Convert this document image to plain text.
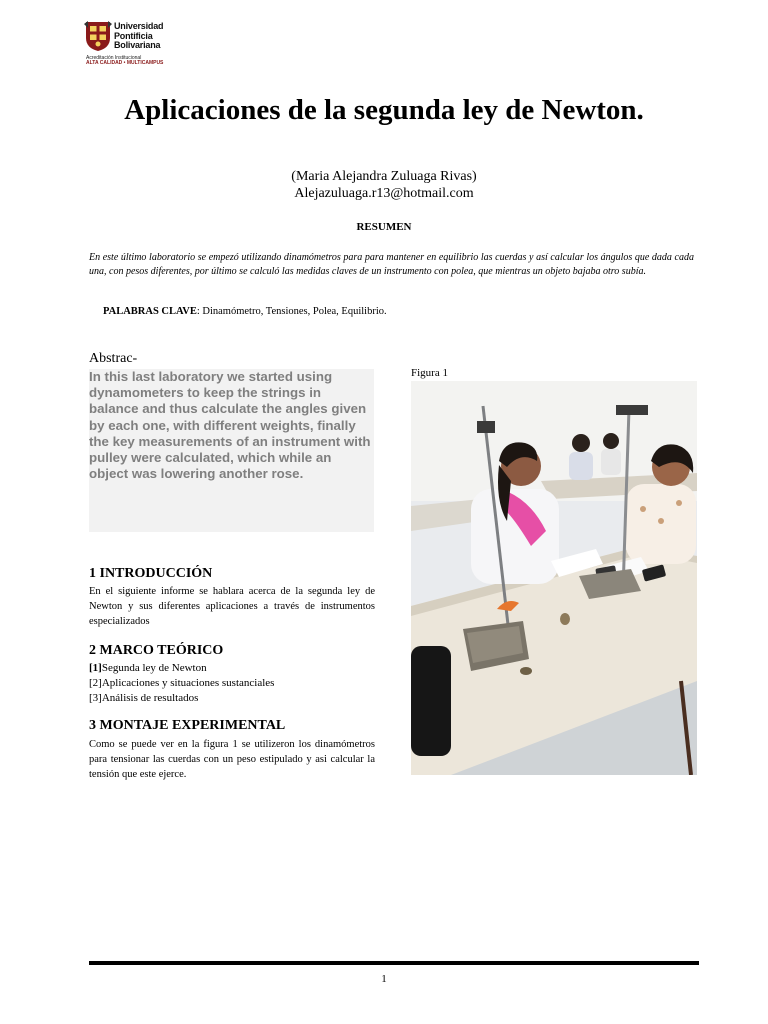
Universidad
Pontificia
Bolivariana
Acreditación Institucional
ALTA CALIDAD • MULTICAMPUS
Aplicaciones de la segunda ley de Newton.
(Maria Alejandra Zuluaga Rivas)
Alejazuluaga.r13@hotmail.com
RESUMEN
En este último laboratorio se empezó utilizando dinamómetros para para mantener en equilibrio las cuerdas y así calcular los ángulos que dada cada una, con pesos diferentes, por último se calculó las medidas claves de un instrumento con polea, que mientras un objeto bajaba otro subía.
PALABRAS CLAVE: Dinamómetro, Tensiones, Polea, Equilibrio.
Abstrac-
In this last laboratory we started using dynamometers to keep the strings in balance and thus calculate the angles given by each one, with different weights, finally the key measurements of an instrument with pulley were calculated, which while an object was lowering another rose.
1 INTRODUCCIÓN
En el siguiente informe se hablara acerca de la segunda ley de Newton y sus diferentes aplicaciones a través de instrumentos especializados
2 MARCO TEÓRICO
[1]Segunda ley de Newton
[2]Aplicaciones y situaciones sustanciales
[3]Análisis de resultados
3 MONTAJE EXPERIMENTAL
Como se puede ver en la figura 1 se utilizeron los dinamómetros para tensionar las cuerdas con un peso estipulado y asi calcular la tensión que este ejerce.
Figura 1
1
